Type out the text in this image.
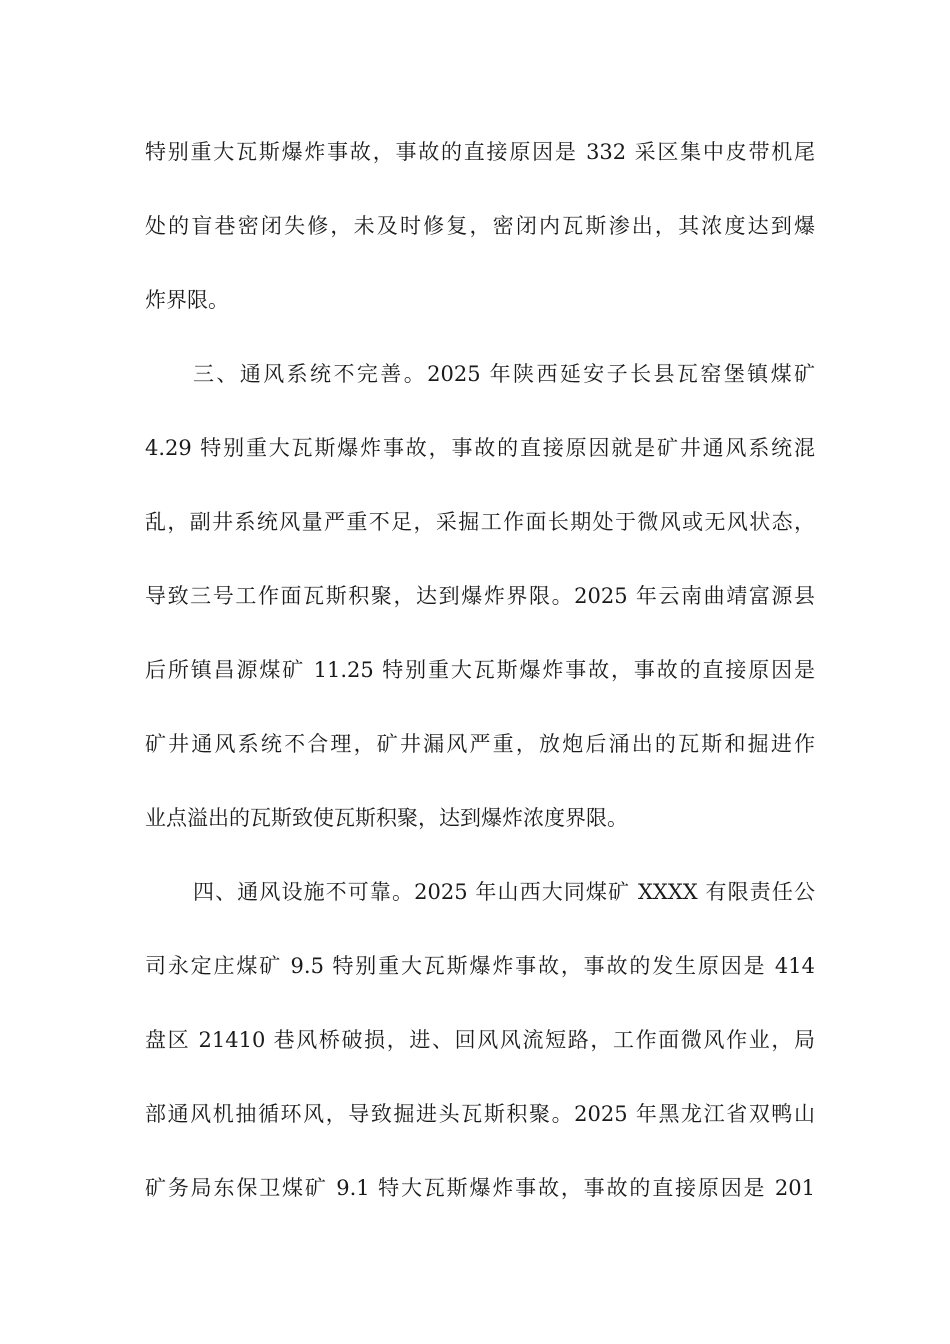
特别重大瓦斯爆炸事故，事故的直接原因是 332 采区集中皮带机尾
处的盲巷密闭失修，未及时修复，密闭内瓦斯渗出，其浓度达到爆
炸界限。
三、通风系统不完善。2025 年陕西延安子长县瓦窑堡镇煤矿
4.29 特别重大瓦斯爆炸事故，事故的直接原因就是矿井通风系统混
乱，副井系统风量严重不足，采掘工作面长期处于微风或无风状态，
导致三号工作面瓦斯积聚，达到爆炸界限。2025 年云南曲靖富源县
后所镇昌源煤矿 11.25 特别重大瓦斯爆炸事故，事故的直接原因是
矿井通风系统不合理，矿井漏风严重，放炮后涌出的瓦斯和掘进作
业点溢出的瓦斯致使瓦斯积聚，达到爆炸浓度界限。
四、通风设施不可靠。2025 年山西大同煤矿 XXXX 有限责任公
司永定庄煤矿 9.5 特别重大瓦斯爆炸事故，事故的发生原因是 414
盘区 21410 巷风桥破损，进、回风风流短路，工作面微风作业，局
部通风机抽循环风，导致掘进头瓦斯积聚。2025 年黑龙江省双鸭山
矿务局东保卫煤矿 9.1 特大瓦斯爆炸事故，事故的直接原因是 201
